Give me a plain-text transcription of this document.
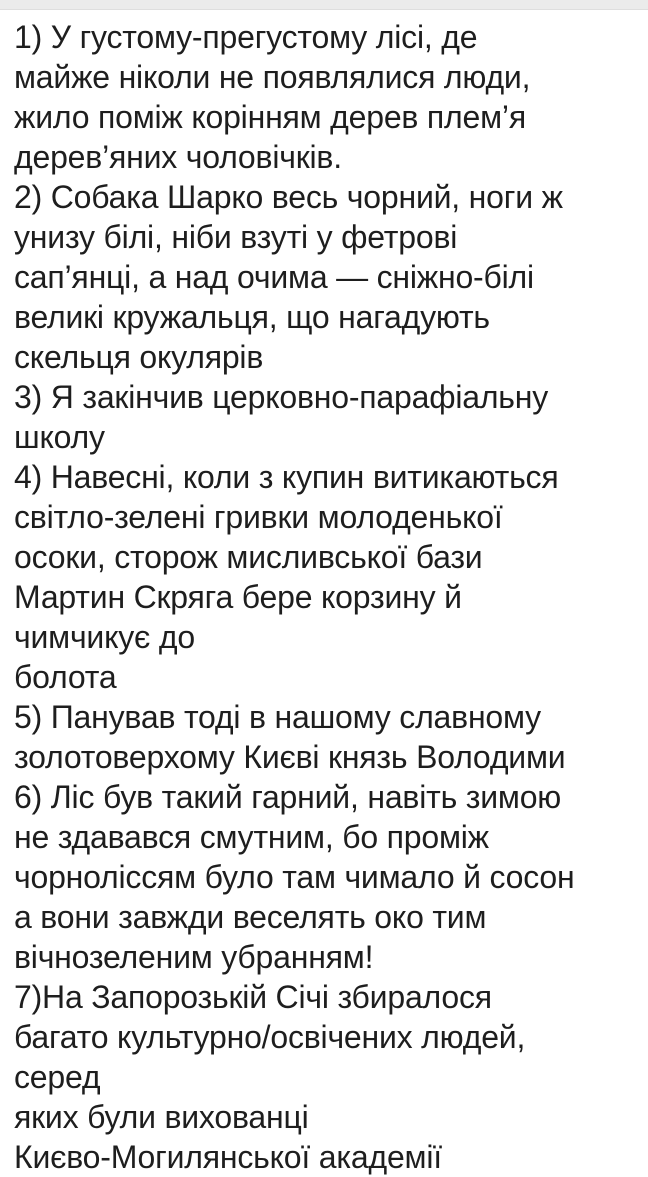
1) У густому-прегустому лісі, де
майже ніколи не появлялися люди,
жило поміж корінням дерев плем’я
дерев’яних чоловічків.
2) Собака Шарко весь чорний, ноги ж
унизу білі, ніби взуті у фетрові
сап’янці, а над очима — сніжно-білі
великі кружальця, що нагадують
скельця окулярів
3) Я закінчив церковно-парафіальну
школу
4) Навесні, коли з купин витикаються
світло-зелені гривки молоденької
осоки, сторож мисливської бази
Мартин Скряга бере корзину й
чимчикує до
болота
5) Панував тоді в нашому славному
золотоверхому Києві князь Володими
6) Ліс був такий гарний, навіть зимою
не здавався смутним, бо проміж
чорноліссям було там чимало й сосон
а вони завжди веселять око тим
вічнозеленим убранням!
7)На Запорозькій Січі збиралося
багато культурно/освічених людей,
серед
яких були вихованці
Києво-Могилянської академії
